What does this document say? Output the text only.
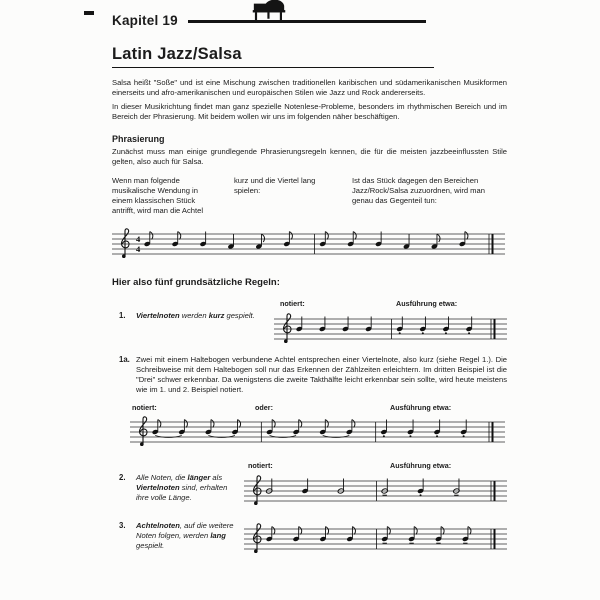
Kapitel 19
Latin Jazz/Salsa

Salsa heißt "Soße" und ist eine Mischung zwischen traditionellen karibischen und südamerikanischen Musikformen einerseits und afro-amerikanischen und europäischen Stilen wie Jazz und Rock andererseits.

In dieser Musikrichtung findet man ganz spezielle Notenlese-Probleme, besonders im rhythmischen Bereich und im Bereich der Phrasierung. Mit beidem wollen wir uns im folgenden näher beschäftigen.

Phrasierung

Zunächst muss man einige grundlegende Phrasierungsregeln kennen, die für die meisten jazzbeeinflussten Stile gelten, also auch für Salsa.

Wenn man folgende musikalische Wendung in einem klassischen Stück antrifft, wird man die Achtel

kurz und die Viertel lang spielen:

Ist das Stück dagegen den Bereichen Jazz/Rock/Salsa zuzuordnen, wird man genau das Gegenteil tun:

4
4
Hier also fünf grundsätzliche Regeln:
notiert:	Ausführung etwa:
1.	Viertelnoten werden kurz gespielt.

1a. Zwei mit einem Haltebogen verbundene Achtel entsprechen einer Viertelnote, also kurz (siehe Regel 1.). Die Schreibweise mit dem Haltebogen soll nur das Erkennen der Zählzeiten erleichtern. Im dritten Beispiel ist die "Drei" schwer erkennbar. Da wenigstens die zweite Takthälfte leicht erkennbar sein sollte, wird heute meistens wie im 1. und 2. Beispiel notiert.

notiert:	oder:	Ausführung etwa:
notiert:	Ausführung etwa:
2.	Alle Noten, die länger als Viertelnoten sind, erhalten ihre volle Länge.

3.	Achtelnoten, auf die weitere Noten folgen, werden lang gespielt.
